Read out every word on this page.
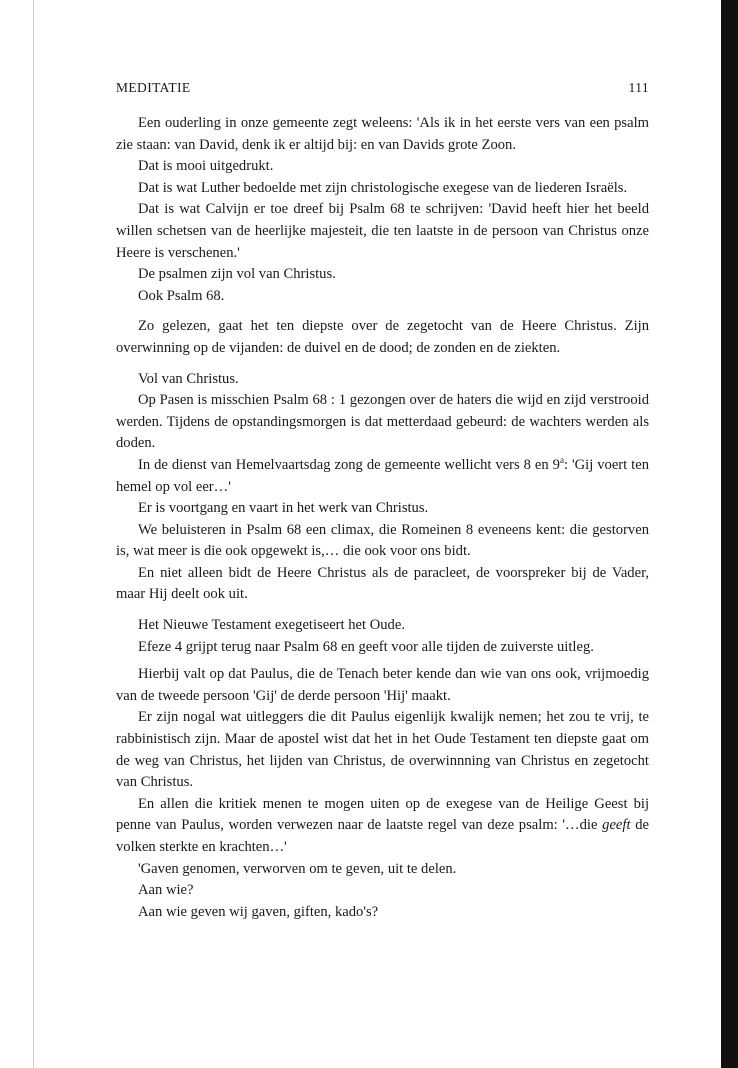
MEDITATIE	111

Een ouderling in onze gemeente zegt weleens: 'Als ik in het eerste vers van een psalm zie staan: van David, denk ik er altijd bij: en van Davids grote Zoon.

Dat is mooi uitgedrukt.

Dat is wat Luther bedoelde met zijn christologische exegese van de liederen Israëls.

Dat is wat Calvijn er toe dreef bij Psalm 68 te schrijven: 'David heeft hier het beeld willen schetsen van de heerlijke majesteit, die ten laatste in de persoon van Christus onze Heere is verschenen.'

De psalmen zijn vol van Christus.

Ook Psalm 68.

Zo gelezen, gaat het ten diepste over de zegetocht van de Heere Christus. Zijn overwinning op de vijanden: de duivel en de dood; de zonden en de ziekten.

Vol van Christus.

Op Pasen is misschien Psalm 68 : 1 gezongen over de haters die wijd en zijd verstrooid werden. Tijdens de opstandingsmorgen is dat metterdaad gebeurd: de wachters werden als doden.

In de dienst van Hemelvaartsdag zong de gemeente wellicht vers 8 en 9$^a$: 'Gij voert ten hemel op vol eer…'

Er is voortgang en vaart in het werk van Christus.

We beluisteren in Psalm 68 een climax, die Romeinen 8 eveneens kent: die gestorven is, wat meer is die ook opgewekt is,… die ook voor ons bidt.

En niet alleen bidt de Heere Christus als de paracleet, de voorspreker bij de Vader, maar Hij deelt ook uit.

Het Nieuwe Testament exegetiseert het Oude.

Efeze 4 grijpt terug naar Psalm 68 en geeft voor alle tijden de zuiverste uitleg.

Hierbij valt op dat Paulus, die de Tenach beter kende dan wie van ons ook, vrijmoedig van de tweede persoon 'Gij' de derde persoon 'Hij' maakt.

Er zijn nogal wat uitleggers die dit Paulus eigenlijk kwalijk nemen; het zou te vrij, te rabbinistisch zijn. Maar de apostel wist dat het in het Oude Testament ten diepste gaat om de weg van Christus, het lijden van Christus, de overwinnning van Christus en zegetocht van Christus.

En allen die kritiek menen te mogen uiten op de exegese van de Heilige Geest bij penne van Paulus, worden verwezen naar de laatste regel van deze psalm: '…die geeft de volken sterkte en krachten…'

'Gaven genomen, verworven om te geven, uit te delen.

Aan wie?

Aan wie geven wij gaven, giften, kado's?
